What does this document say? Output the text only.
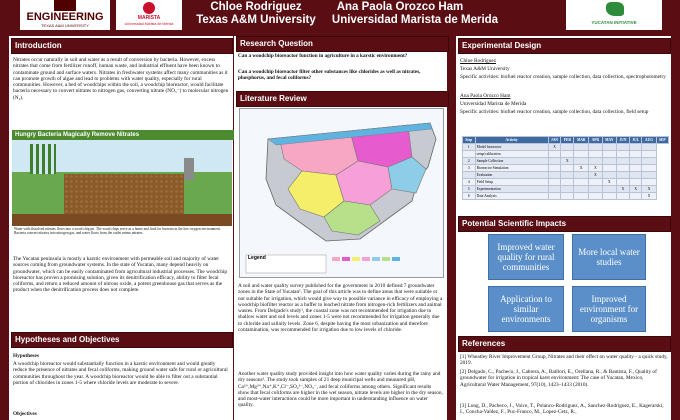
ENGINEERING
TEXAS A&M UNIVERSITY
MARISTA
Universidad Marista de Mérida
Chloe Rodriguez
Texas A&M University
Ana Paola Orozco Ham
Universidad Marista de Merida	YUCATAN INITIATIVE
Introduction
Nitrates occur naturally in soil and water as a result of conversion by bacteria. However, excess nitrates that come from fertilizer runoff, human waste, and industrial effluent have been known to contaminate ground and surface waters. Nitrates in freshwater systems affect many communities as it can promote growth of algae and lead to problems with water quality, especially for rural communities. However, a bed of woodchips within the soil, a woodchip bioreactor, would facilitate bacteria necessary to convert nitrates to nitrogen gas, converting nitrate (NO₃⁻) to molecular nitrogen (N₂).
Hungry Bacteria Magically Remove Nitrates
Water with dissolved nitrates flows into a wood chip pit. The wood chips serve as a home and food for bacteria in the low-oxygen environment. Bacteria convert nitrates into nitrogen gas, and water flows from the outlet minus nitrates.
The Yucatan peninsula is mostly a karstic environment with permeable soil and majority of water sources coming from groundwater systems. In the state of Yucatan, many depend heavily on groundwater, which can be easily contaminated from agricultural industrial processes. The woodchip bioreactor has proven a promising solution, given its denitrification efficacy, ability to filter fecal coliforms, and return a reduced amount of nitrous oxide, a potent greenhouse gas that serves as the product when the denitrification process does not complete.
Hypotheses and Objectives
Hypotheses
A woodchip bioreactor would substantially function in a karstic environment and would greatly reduce the presence of nitrates and fecal coliforms, making ground water safe for rural or agricultural communities throughout the year. A woodchip bioreactor would be able to filter out a substantial portion of chlorides in zones 1-5 where chloride levels are moderate to severe.
Objectives
Research Question
Can a woodchip bioreactor function in agriculture in a karstic environment?
Can a woodchip bioreactor filter other substances like chlorides as well as nitrates, phosphorus, and fecal coliforms?
Literature Review
Legend
A soil and water quality survey published for the government in 2010 defined 7 groundwater zones in the State of Yucatan¹. The goal of this article was to define areas that were suitable or not suitable for irrigation, which would give way to possible variance in efficacy of employing a woodchip biofilter reactor as a buffer to leached nitrate from nitrogen-rich fertilizers and animal wastes. From Delgado's study¹, the coastal zone was not recommended for irrigation due to shallow water and soil levels and zones 1-5 were not recommended for irrigation generally due to chloride and salinity levels. Zone 6, despite having the most urbanization and therefore contamination, was recommended for irrigation due to low levels of chloride.
Another water quality study provided insight into how water quality varies during the rainy and dry seasons³. The study took samples of 21 deep municipal wells and measured pH, Ca²⁺,Mg²⁺,Na⁺,K⁺,Cl⁻,SO₄²⁻,NO₃⁻, and fecal coliforms among others. Significant results show that fecal coliforms are higher in the wet season, nitrate levels are higher in the dry season, and most-water interactions could be more important in understanding influence on water quality.
Experimental Design
Chloe Rodriguez
Texas A&M University
Specific activities: biofuel reactor creation, sample collection, data collection, spectrophotometry
Ana Paola Orozco Ham
Universidad Marista de Merida
Specific activities: biofuel reactor creation, sample collection, data collection, field setup
Step	Activity	JAN	FEB	MAR	APR	MAY	JUN	JUL	AUG	SEP
1	Model bioreactor	X								
	setup/calibration									
2	Sample Collection		X							
3	Bioreactor Simulation			X	X					
	Evaluation				X					
4	Field Setup					X				
5	Experimentation						X	X	X	
6	Data Analysis								X	
Potential Scientific Impacts
Improved water quality for rural communities
More local water studies
Application to similar environments
Improved environment for organisms
References
[1] Wheatley River Improvement Group, Nitrates and their effect on water quality - a quick study, 2019.
[2] Delgado, C., Pacheco, J., Cabrera, A., Batllori, E., Orellana, R., & Bautista, F., Quality of groundwater for irrigation in tropical karst environment: The case of Yucatan, Mexico, Agricultural Water Management, 97(10), 1423–1433 (2010).
[3] Long, D., Pacheco, J., Voice, T., Polanco-Rodriguez, A., Sanchez-Rodriguez, E., Kagerarski, I., Concha-Valdez, F., Puc-Franco, M., Lopez-Cetz, R.,
